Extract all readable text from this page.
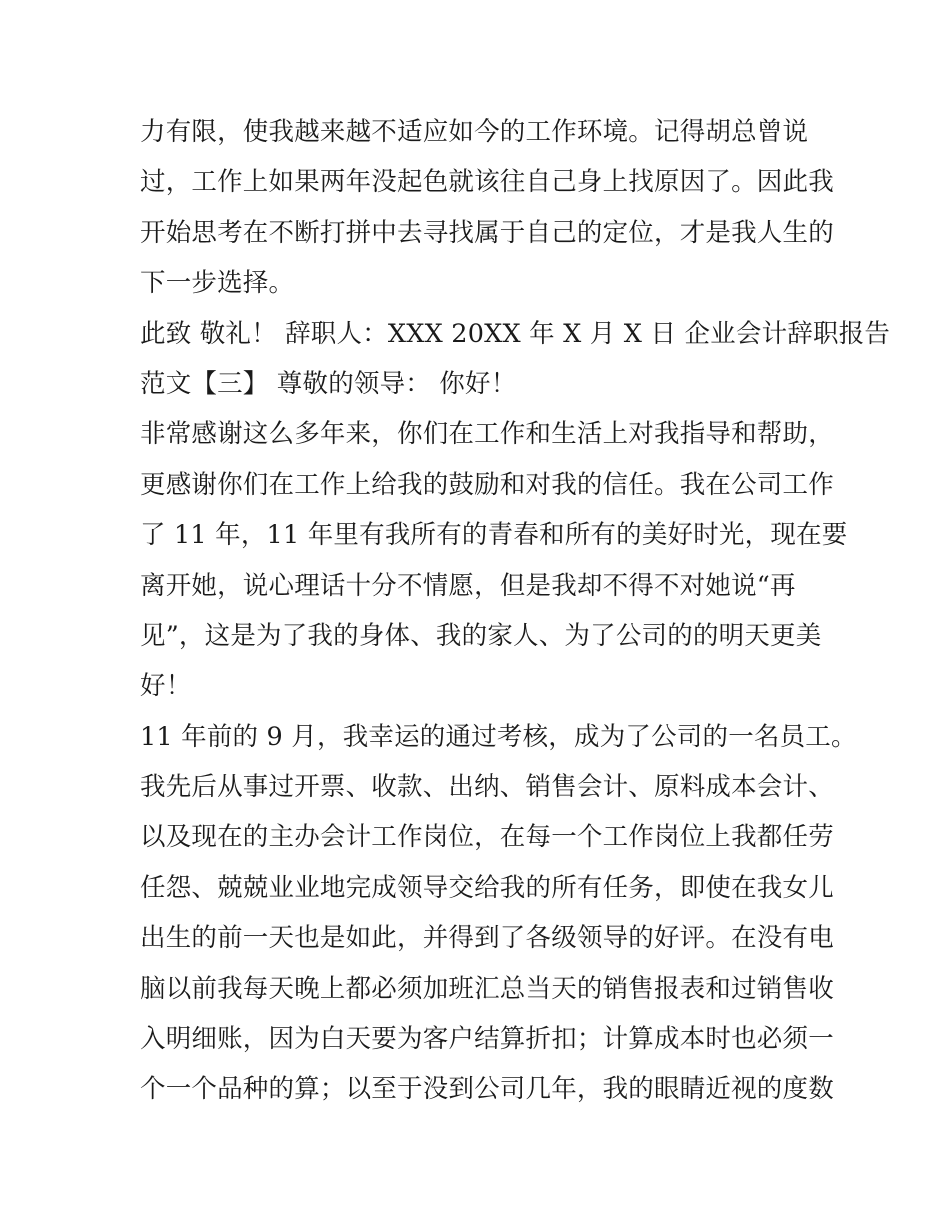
力有限，使我越来越不适应如今的工作环境。记得胡总曾说
过，工作上如果两年没起色就该往自己身上找原因了。因此我
开始思考在不断打拼中去寻找属于自己的定位，才是我人生的
下一步选择。
此致 敬礼！ 辞职人：XXX 20XX 年 X 月 X 日 企业会计辞职报告
范文【三】 尊敬的领导： 你好！
非常感谢这么多年来，你们在工作和生活上对我指导和帮助，
更感谢你们在工作上给我的鼓励和对我的信任。我在公司工作
了 11 年，11 年里有我所有的青春和所有的美好时光，现在要
离开她，说心理话十分不情愿，但是我却不得不对她说“再
见”，这是为了我的身体、我的家人、为了公司的的明天更美
好！
11 年前的 9 月，我幸运的通过考核，成为了公司的一名员工。
我先后从事过开票、收款、出纳、销售会计、原料成本会计、
以及现在的主办会计工作岗位，在每一个工作岗位上我都任劳
任怨、兢兢业业地完成领导交给我的所有任务，即使在我女儿
出生的前一天也是如此，并得到了各级领导的好评。在没有电
脑以前我每天晚上都必须加班汇总当天的销售报表和过销售收
入明细账，因为白天要为客户结算折扣；计算成本时也必须一
个一个品种的算；以至于没到公司几年，我的眼睛近视的度数
